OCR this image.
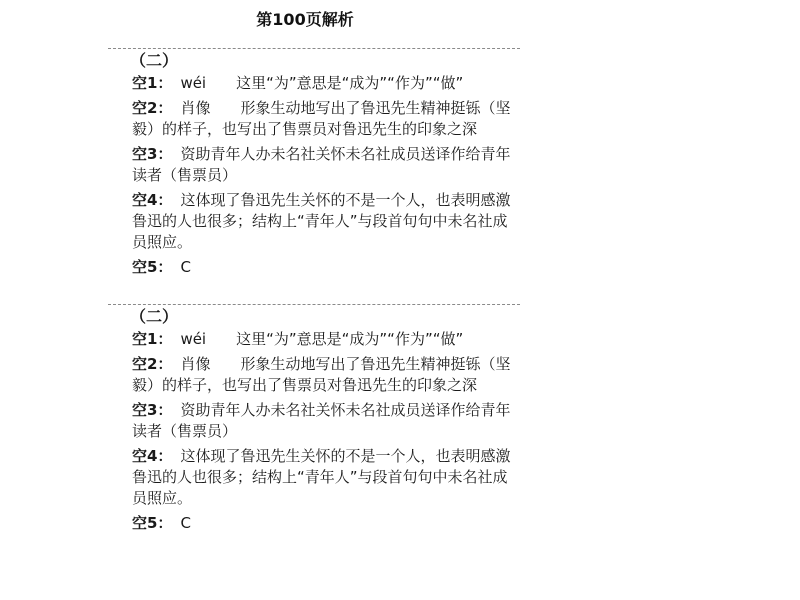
第100页解析
（二）
空1： wéi　　这里“为”意思是“成为”“作为”“做”
空2： 肖像　　形象生动地写出了鲁迅先生精神挺铄（坚毅）的样子，也写出了售票员对鲁迅先生的印象之深
空3： 资助青年人办未名社关怀未名社成员送译作给青年读者（售票员）
空4： 这体现了鲁迅先生关怀的不是一个人，也表明感激鲁迅的人也很多；结构上“青年人”与段首句句中未名社成员照应。
空5： C
（二）
空1： wéi　　这里“为”意思是“成为”“作为”“做”
空2： 肖像　　形象生动地写出了鲁迅先生精神挺铄（坚毅）的样子，也写出了售票员对鲁迅先生的印象之深
空3： 资助青年人办未名社关怀未名社成员送译作给青年读者（售票员）
空4： 这体现了鲁迅先生关怀的不是一个人，也表明感激鲁迅的人也很多；结构上“青年人”与段首句句中未名社成员照应。
空5： C
